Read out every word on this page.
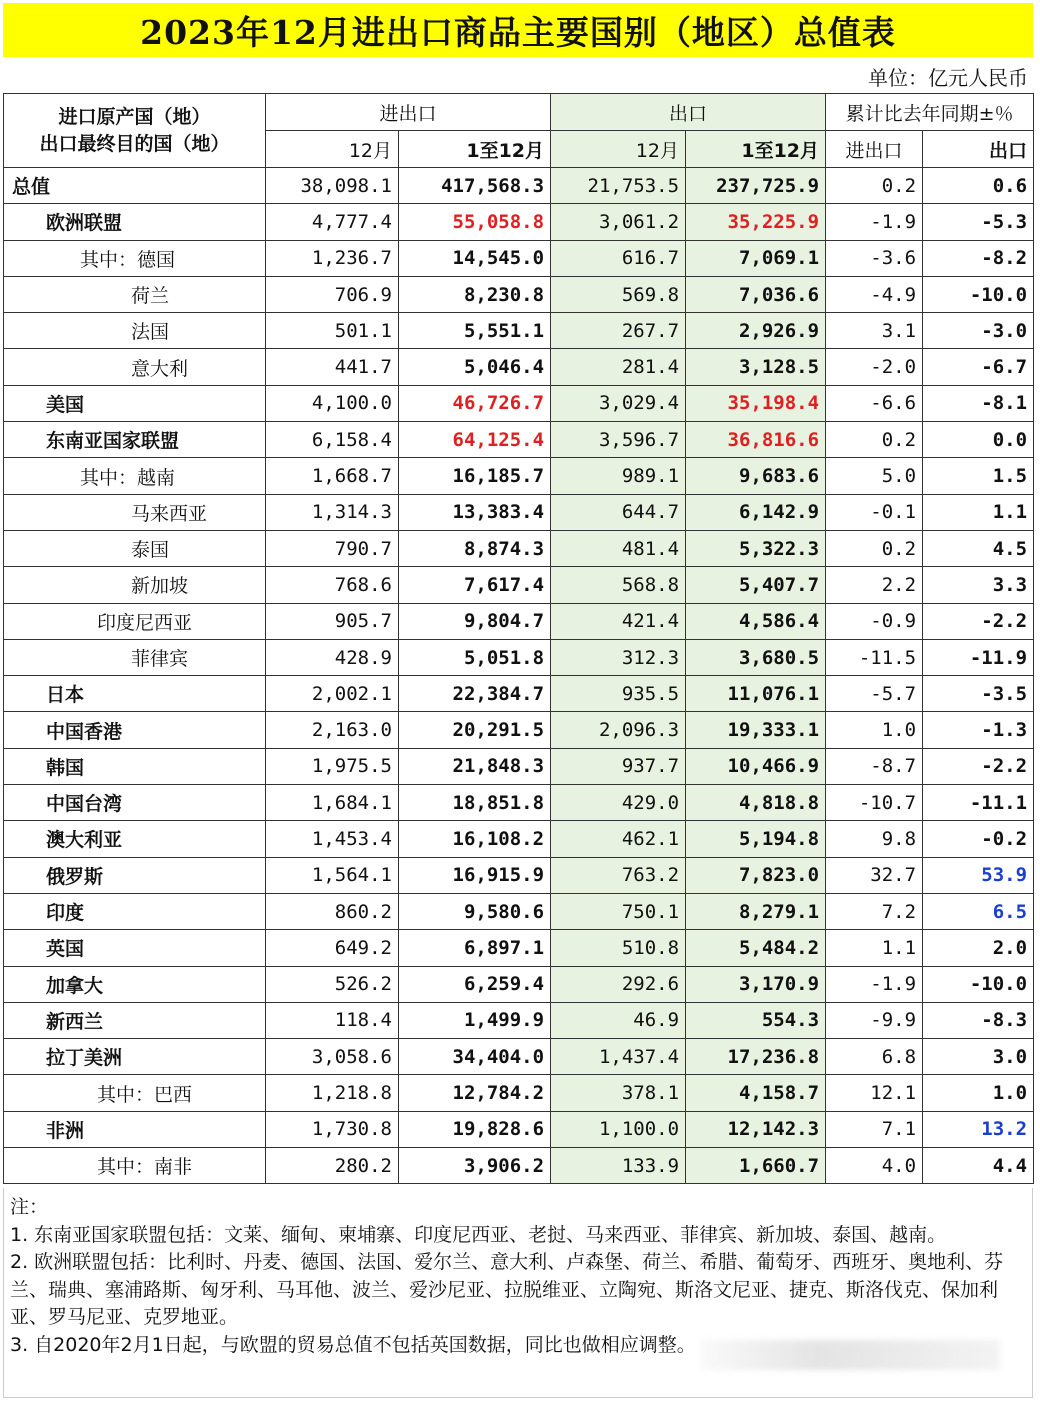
2023年12月进出口商品主要国别（地区）总值表
单位：亿元人民币
进口原产国（地）
出口最终目的国（地）	进出口		出口		累计比去年同期±％	
	12月	1至12月	12月	1至12月	进出口	出口
总值	38,098.1	417,568.3	21,753.5	237,725.9	0.2	0.6
欧洲联盟	4,777.4	55,058.8	3,061.2	35,225.9	-1.9	-5.3
其中：德国	1,236.7	14,545.0	616.7	7,069.1	-3.6	-8.2
荷兰	706.9	8,230.8	569.8	7,036.6	-4.9	-10.0
法国	501.1	5,551.1	267.7	2,926.9	3.1	-3.0
意大利	441.7	5,046.4	281.4	3,128.5	-2.0	-6.7
美国	4,100.0	46,726.7	3,029.4	35,198.4	-6.6	-8.1
东南亚国家联盟	6,158.4	64,125.4	3,596.7	36,816.6	0.2	0.0
其中：越南	1,668.7	16,185.7	989.1	9,683.6	5.0	1.5
马来西亚	1,314.3	13,383.4	644.7	6,142.9	-0.1	1.1
泰国	790.7	8,874.3	481.4	5,322.3	0.2	4.5
新加坡	768.6	7,617.4	568.8	5,407.7	2.2	3.3
印度尼西亚	905.7	9,804.7	421.4	4,586.4	-0.9	-2.2
菲律宾	428.9	5,051.8	312.3	3,680.5	-11.5	-11.9
日本	2,002.1	22,384.7	935.5	11,076.1	-5.7	-3.5
中国香港	2,163.0	20,291.5	2,096.3	19,333.1	1.0	-1.3
韩国	1,975.5	21,848.3	937.7	10,466.9	-8.7	-2.2
中国台湾	1,684.1	18,851.8	429.0	4,818.8	-10.7	-11.1
澳大利亚	1,453.4	16,108.2	462.1	5,194.8	9.8	-0.2
俄罗斯	1,564.1	16,915.9	763.2	7,823.0	32.7	53.9
印度	860.2	9,580.6	750.1	8,279.1	7.2	6.5
英国	649.2	6,897.1	510.8	5,484.2	1.1	2.0
加拿大	526.2	6,259.4	292.6	3,170.9	-1.9	-10.0
新西兰	118.4	1,499.9	46.9	554.3	-9.9	-8.3
拉丁美洲	3,058.6	34,404.0	1,437.4	17,236.8	6.8	3.0
其中：巴西	1,218.8	12,784.2	378.1	4,158.7	12.1	1.0
非洲	1,730.8	19,828.6	1,100.0	12,142.3	7.1	13.2
其中：南非	280.2	3,906.2	133.9	1,660.7	4.0	4.4

注：

1. 东南亚国家联盟包括：文莱、缅甸、柬埔寨、印度尼西亚、老挝、马来西亚、菲律宾、新加坡、泰国、越南。

2. 欧洲联盟包括：比利时、丹麦、德国、法国、爱尔兰、意大利、卢森堡、荷兰、希腊、葡萄牙、西班牙、奥地利、芬兰、瑞典、塞浦路斯、匈牙利、马耳他、波兰、爱沙尼亚、拉脱维亚、立陶宛、斯洛文尼亚、捷克、斯洛伐克、保加利亚、罗马尼亚、克罗地亚。

3. 自2020年2月1日起，与欧盟的贸易总值不包括英国数据，同比也做相应调整。
